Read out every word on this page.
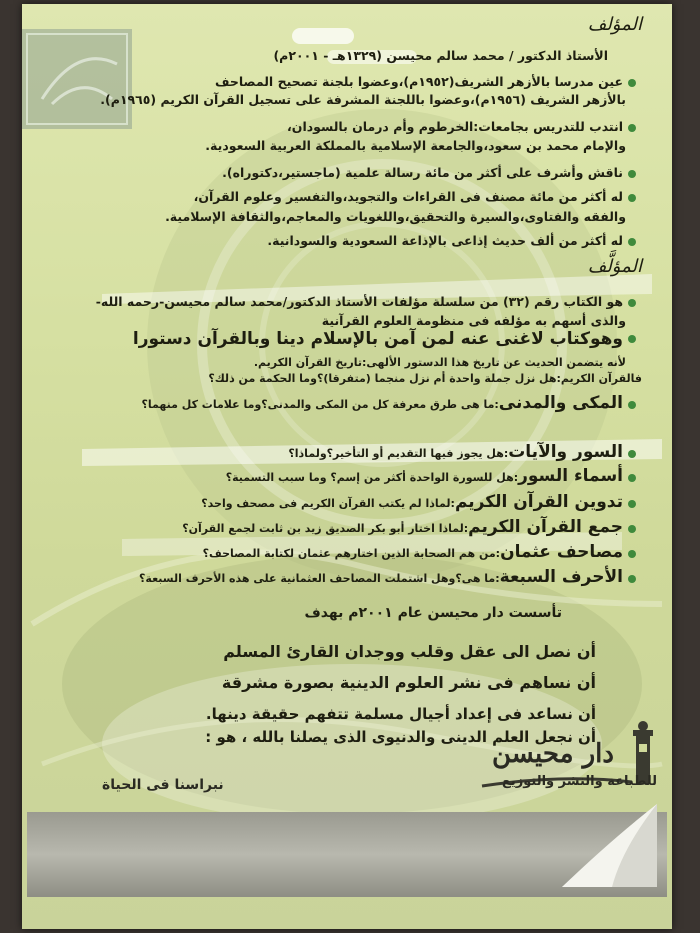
المؤلف
الأستاذ الدكتور / محمد سالم محيسن (١٣٢٩هـ - ٢٠٠١م)
عين مدرسا بالأزهر الشريف(١٩٥٢م)،وعضوا بلجنة تصحيح المصاحف
بالأزهر الشريف (١٩٥٦م)،وعضوا باللجنة المشرفة على تسجيل القرآن الكريم (١٩٦٥م).
انتدب للتدريس بجامعات:الخرطوم وأم درمان بالسودان،
والإمام محمد بن سعود،والجامعة الإسلامية بالمملكة العربية السعودية.
ناقش وأشرف على أكثر من مائة رسالة علمية (ماجستير،دكتوراه).
له أكثر من مائة مصنف فى القراءات والتجويد،والتفسير وعلوم القرآن،
والفقه والفتاوى،والسيرة والتحقيق،واللغويات والمعاجم،والثقافة الإسلامية.
له أكثر من ألف حديث إذاعى بالإذاعة السعودية والسودانية.
المؤلَّف
هو الكتاب رقم (٣٢) من سلسلة مؤلفات الأستاذ الدكتور/محمد سالم محيسن-رحمه الله-
والذى أسهم به مؤلفه فى منظومة العلوم القرآنية
وهوكتاب لاغنى عنه لمن آمن بالإسلام دينا وبالقرآن دستورا
لأنه يتضمن الحديث عن تاريخ هذا الدستور الألهى:تاريخ القرآن الكريم.
فالقرآن الكريم:هل نزل جملة واحدة أم نزل منجما (متفرقا)؟وما الحكمة من ذلك؟
المكى والمدنى:ما هى طرق معرفة كل من المكى والمدنى؟وما علامات كل منهما؟
السور والآيات:هل يجوز فيها التقديم أو التأخير؟ولماذا؟
أسماء السور:هل للسورة الواحدة أكثر من إسم؟ وما سبب التسمية؟
تدوين القرآن الكريم:لماذا لم يكتب القرآن الكريم فى مصحف واحد؟
جمع القرآن الكريم:لماذا اختار أبو بكر الصديق زيد بن ثابت لجمع القرآن؟
مصاحف عثمان:من هم الصحابة الذين اختارهم عثمان لكتابة المصاحف؟
الأحرف السبعة:ما هى؟وهل اشتملت المصاحف العثمانية على هذه الأحرف السبعة؟
تأسست دار محيسن عام ٢٠٠١م بهدف
أن نصل الى عقل وقلب ووجدان القارئ المسلم
أن نساهم فى نشر العلوم الدينية بصورة مشرقة
أن نساعد فى إعداد أجيال مسلمة تتفهم حقيقة دينها.
أن نجعل العلم الدينى والدنيوى الذى يصلنا بالله ، هو :
دار محيسن
للطباعة والنشر والتوزيع
نبراسنا فى الحياة
